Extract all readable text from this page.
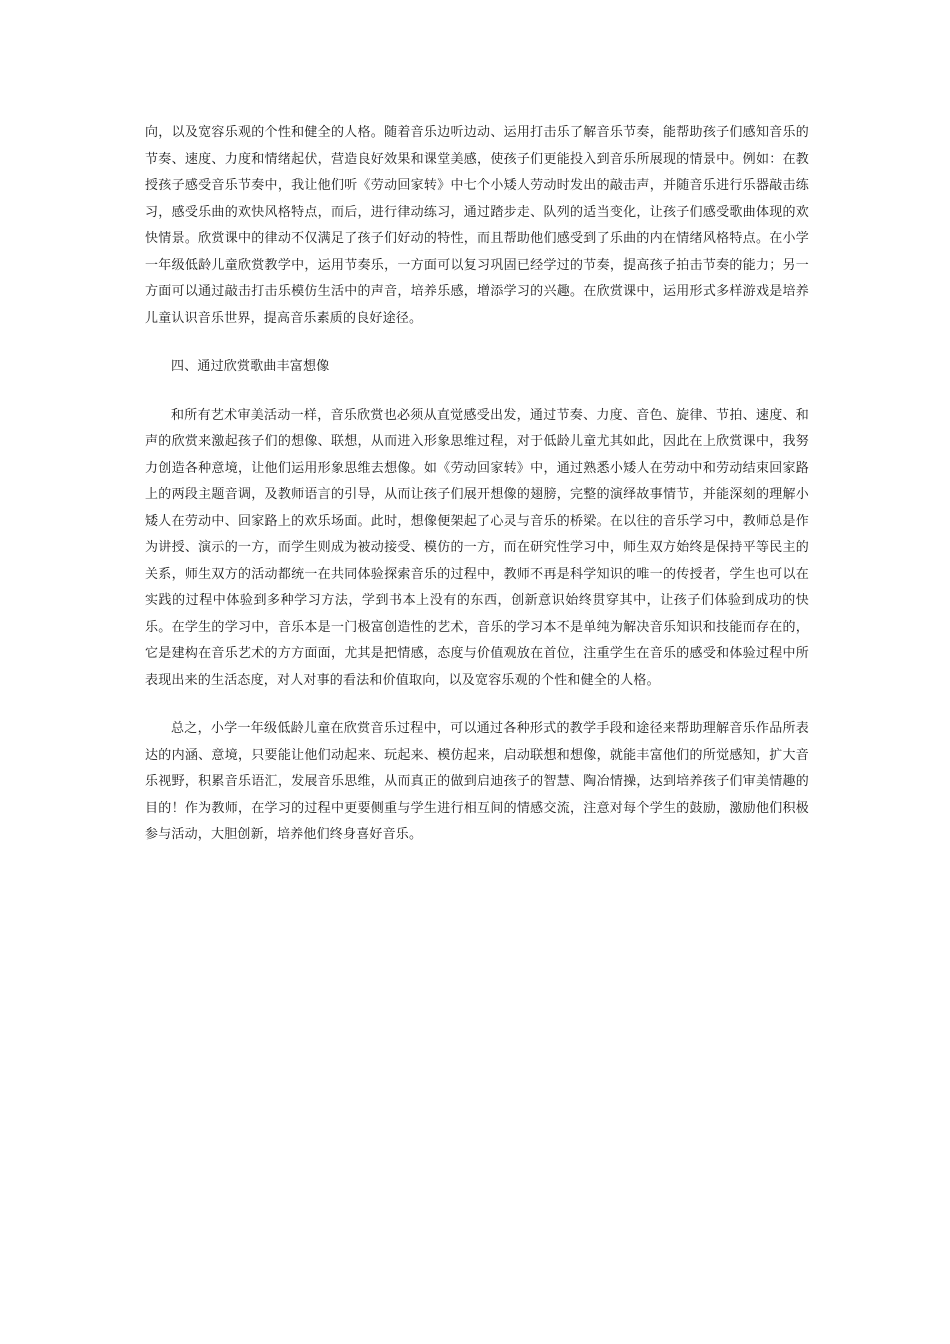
向，以及宽容乐观的个性和健全的人格。随着音乐边听边动、运用打击乐了解音乐节奏，能帮助孩子们感知音乐的节奏、速度、力度和情绪起伏，营造良好效果和课堂美感，使孩子们更能投入到音乐所展现的情景中。例如：在教授孩子感受音乐节奏中，我让他们听《劳动回家转》中七个小矮人劳动时发出的敲击声，并随音乐进行乐器敲击练习，感受乐曲的欢快风格特点，而后，进行律动练习，通过踏步走、队列的适当变化，让孩子们感受歌曲体现的欢快情景。欣赏课中的律动不仅满足了孩子们好动的特性，而且帮助他们感受到了乐曲的内在情绪风格特点。在小学一年级低龄儿童欣赏教学中，运用节奏乐，一方面可以复习巩固已经学过的节奏，提高孩子拍击节奏的能力；另一方面可以通过敲击打击乐模仿生活中的声音，培养乐感，增添学习的兴趣。在欣赏课中，运用形式多样游戏是培养儿童认识音乐世界，提高音乐素质的良好途径。

四、通过欣赏歌曲丰富想像

和所有艺术审美活动一样，音乐欣赏也必须从直觉感受出发，通过节奏、力度、音色、旋律、节拍、速度、和声的欣赏来激起孩子们的想像、联想，从而进入形象思维过程，对于低龄儿童尤其如此，因此在上欣赏课中，我努力创造各种意境，让他们运用形象思维去想像。如《劳动回家转》中，通过熟悉小矮人在劳动中和劳动结束回家路上的两段主题音调，及教师语言的引导，从而让孩子们展开想像的翅膀，完整的演绎故事情节，并能深刻的理解小矮人在劳动中、回家路上的欢乐场面。此时，想像便架起了心灵与音乐的桥梁。在以往的音乐学习中，教师总是作为讲授、演示的一方，而学生则成为被动接受、模仿的一方，而在研究性学习中，师生双方始终是保持平等民主的关系，师生双方的活动都统一在共同体验探索音乐的过程中，教师不再是科学知识的唯一的传授者，学生也可以在实践的过程中体验到多种学习方法，学到书本上没有的东西，创新意识始终贯穿其中，让孩子们体验到成功的快乐。在学生的学习中，音乐本是一门极富创造性的艺术，音乐的学习本不是单纯为解决音乐知识和技能而存在的，它是建构在音乐艺术的方方面面，尤其是把情感，态度与价值观放在首位，注重学生在音乐的感受和体验过程中所表现出来的生活态度，对人对事的看法和价值取向，以及宽容乐观的个性和健全的人格。

总之，小学一年级低龄儿童在欣赏音乐过程中，可以通过各种形式的教学手段和途径来帮助理解音乐作品所表达的内涵、意境，只要能让他们动起来、玩起来、模仿起来，启动联想和想像，就能丰富他们的所觉感知，扩大音乐视野，积累音乐语汇，发展音乐思维，从而真正的做到启迪孩子的智慧、陶冶情操，达到培养孩子们审美情趣的目的！作为教师，在学习的过程中更要侧重与学生进行相互间的情感交流，注意对每个学生的鼓励，激励他们积极参与活动，大胆创新，培养他们终身喜好音乐。
